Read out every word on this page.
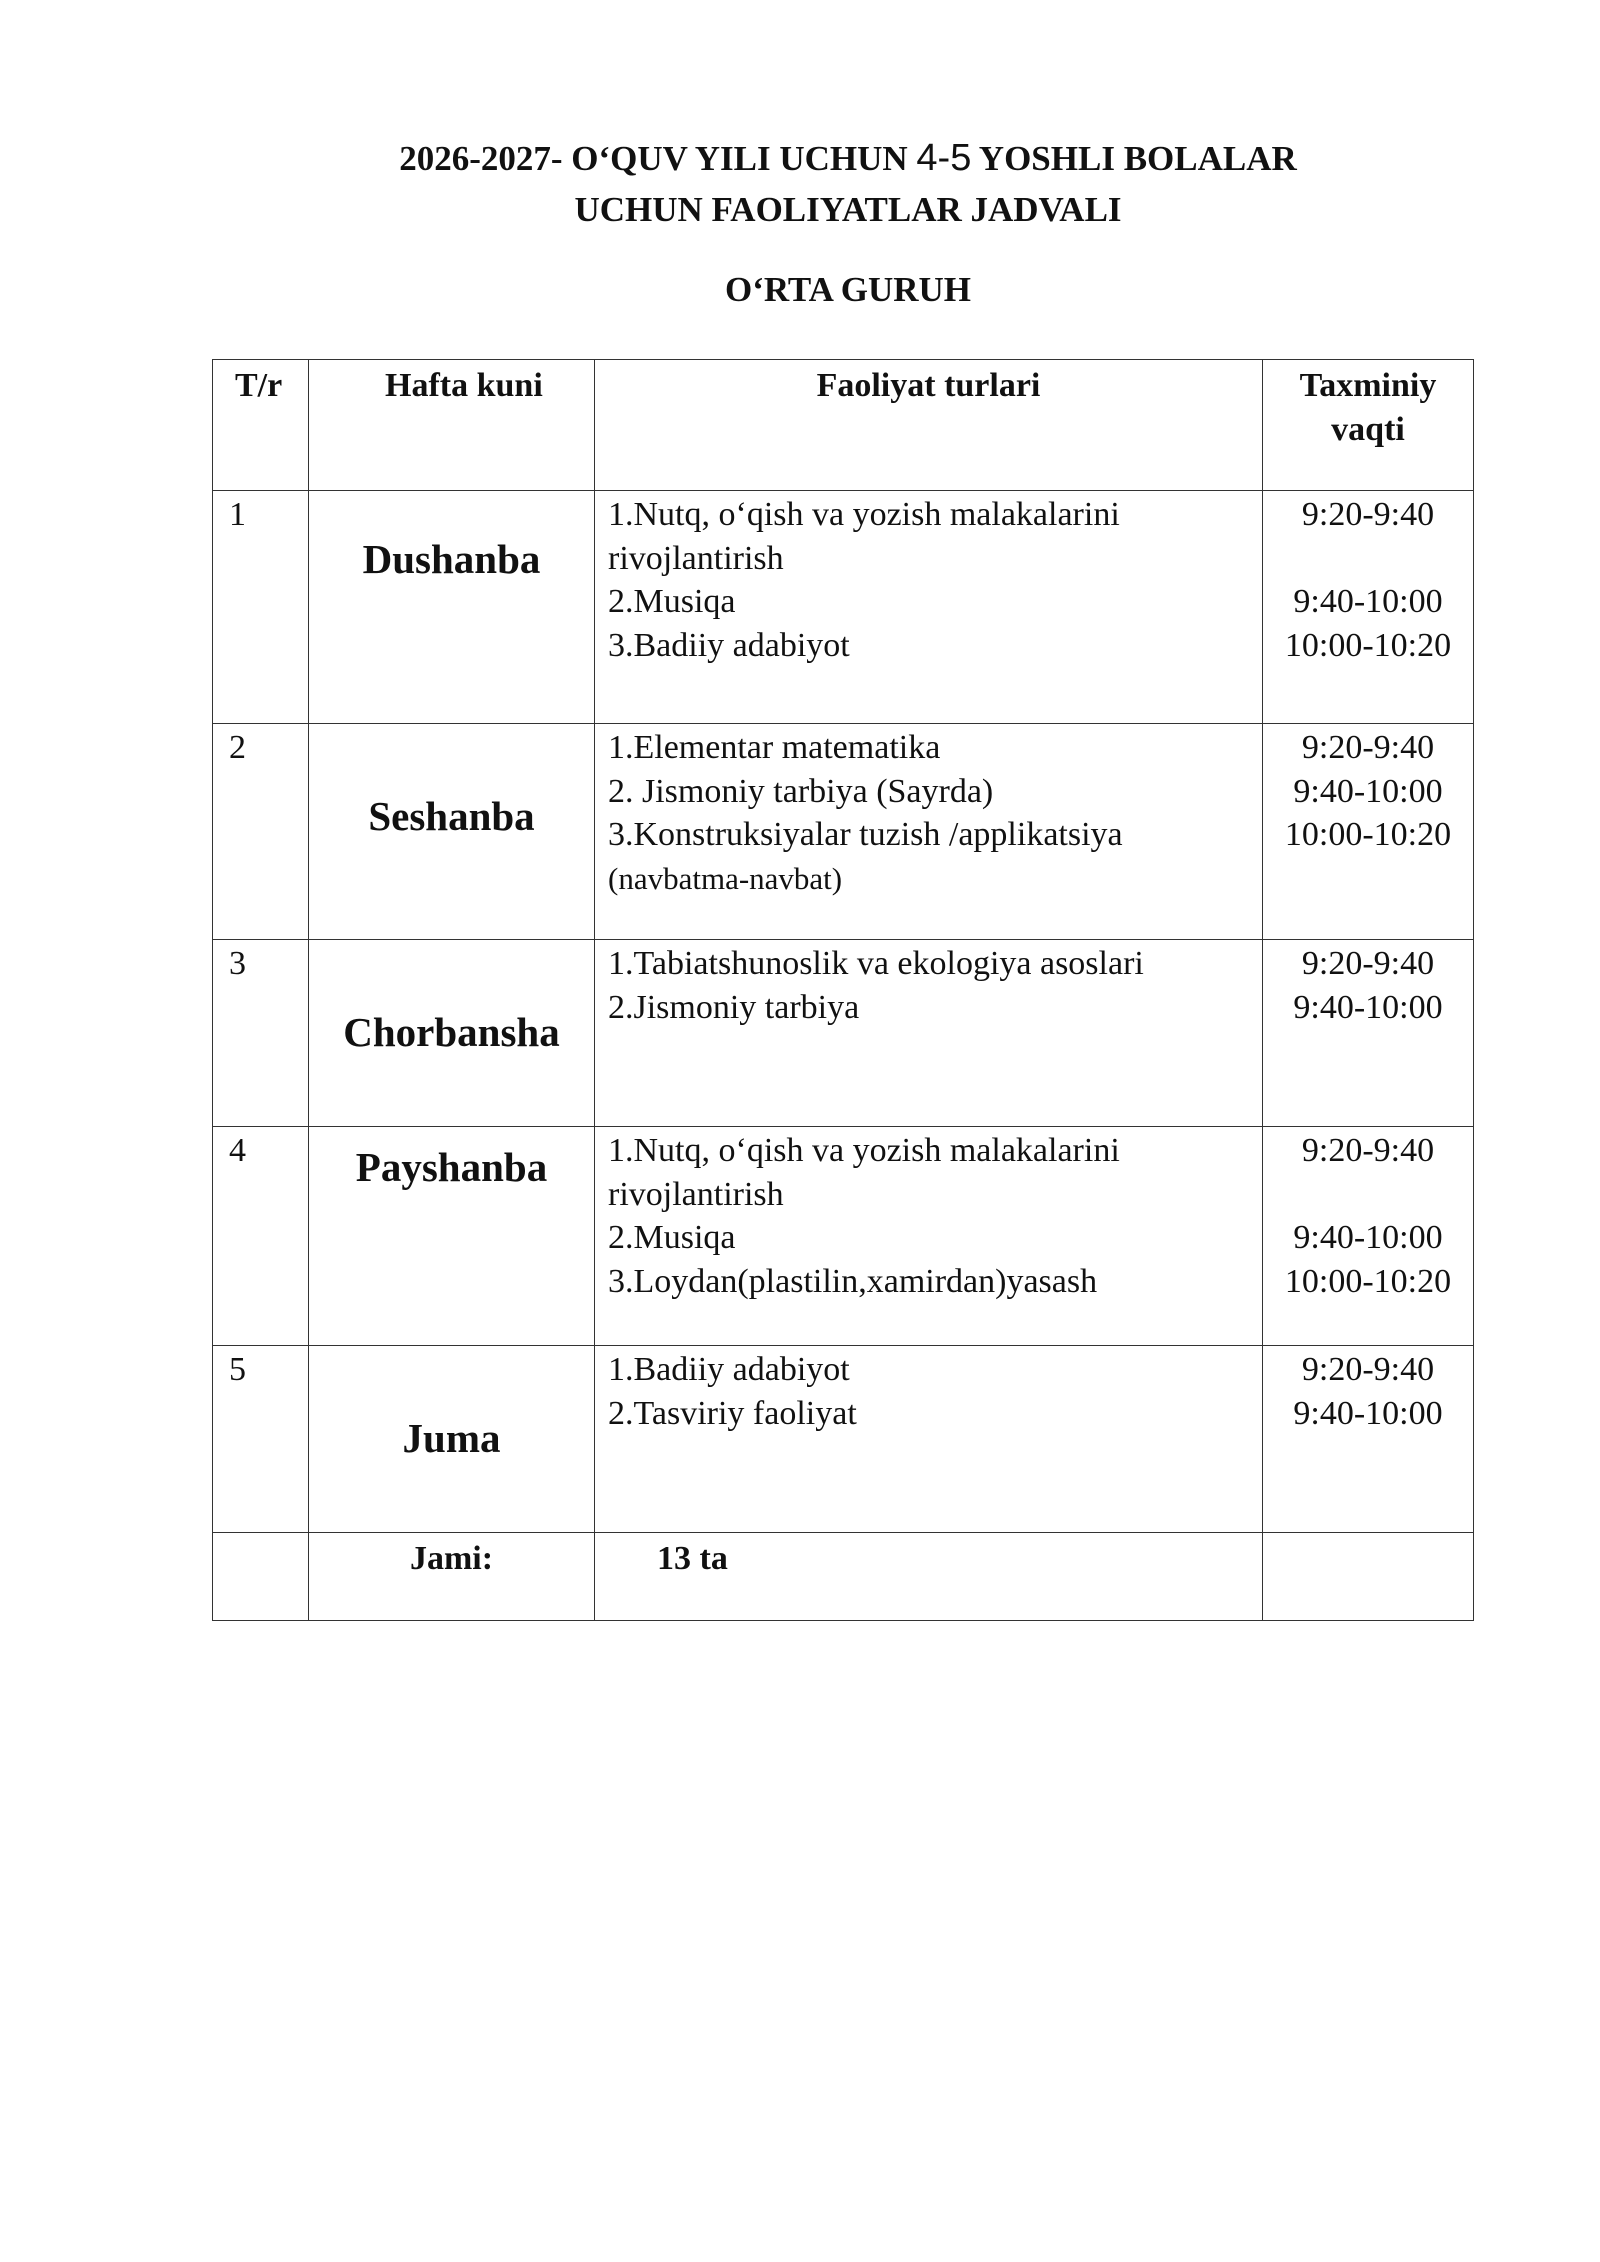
2026-2027- O‘QUV YILI UCHUN 4-5 YOSHLI BOLALAR
UCHUN FAOLIYATLAR JADVALI
O‘RTA GURUH
T/r	Hafta kuni	Faoliyat turlari	Taxminiy
vaqti
1	Dushanba	1.Nutq, o‘qish va yozish malakalarini
rivojlantirish
2.Musiqa
3.Badiiy adabiyot	9:20-9:40
9:40-10:00
10:00-10:20

2	Seshanba	1.Elementar matematika
2. Jismoniy tarbiya (Sayrda)
3.Konstruksiyalar tuzish /applikatsiya
(navbatma-navbat)	9:20-9:40
9:40-10:00
10:00-10:20

3	Chorbansha	1.Tabiatshunoslik va ekologiya asoslari
2.Jismoniy tarbiya	9:20-9:40
9:40-10:00

4	Payshanba	1.Nutq, o‘qish va yozish malakalarini
rivojlantirish
2.Musiqa
3.Loydan(plastilin,xamirdan)yasash	9:20-9:40
9:40-10:00
10:00-10:20

5	Juma	1.Badiiy adabiyot
2.Tasviriy faoliyat	9:20-9:40
9:40-10:00

	Jami:	13 ta	
